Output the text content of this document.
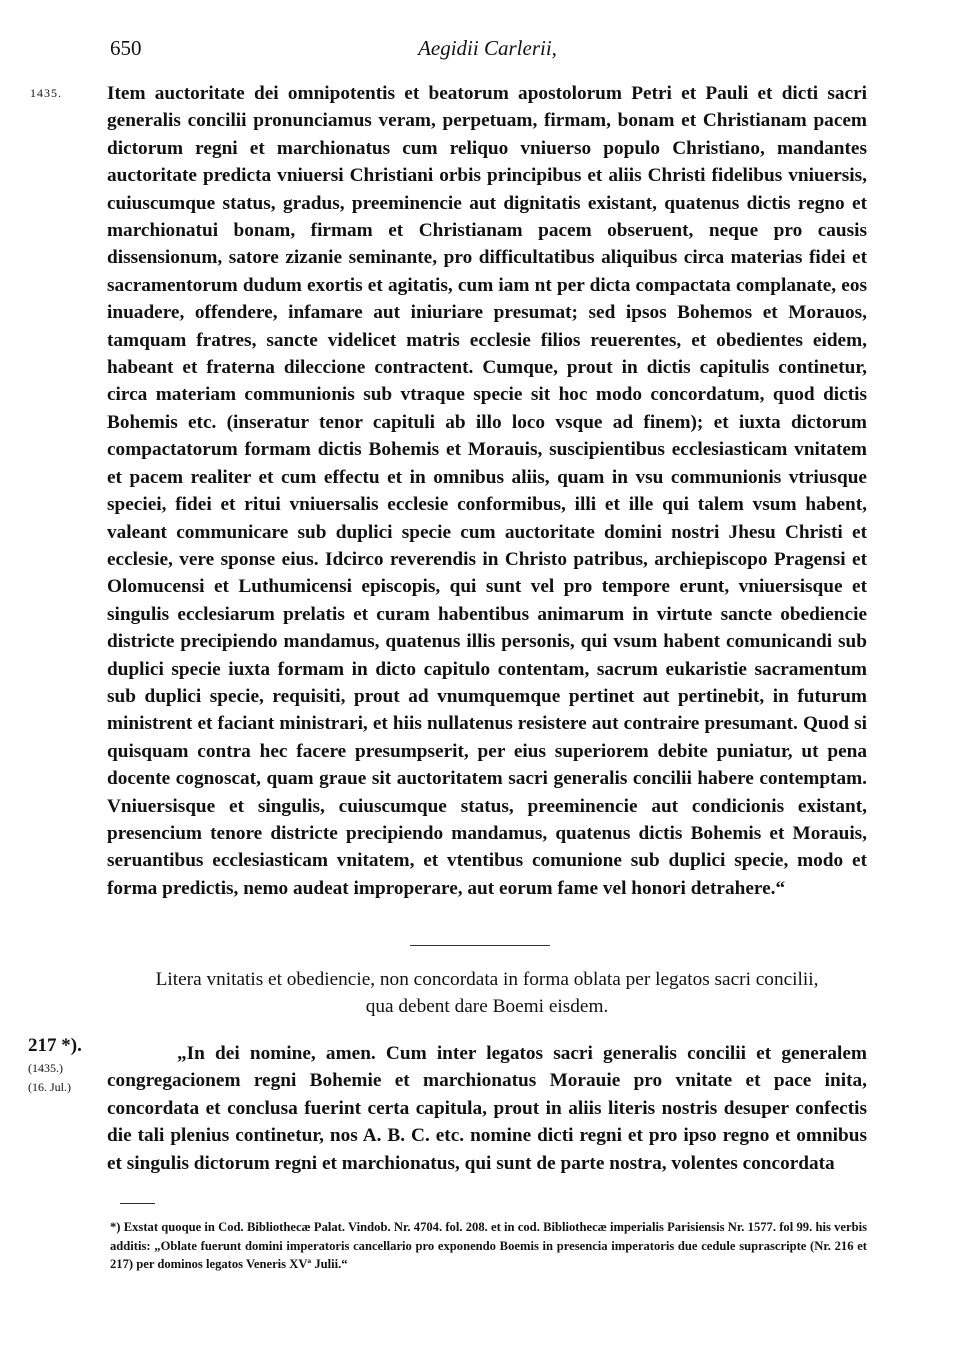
650	Aegidii Carlerii,
1435. Item auctoritate dei omnipotentis et beatorum apostolorum Petri et Pauli et dicti sacri generalis concilii pronunciamus veram, perpetuam, firmam, bonam et Christianam pacem dictorum regni et marchionatus cum reliquo vniuerso populo Christiano, mandantes auctoritate predicta vniuersi Christiani orbis principibus et aliis Christi fidelibus vniuersis, cuiuscumque status, gradus, preeminencie aut dignitatis existant, quatenus dictis regno et marchionatui bonam, firmam et Christianam pacem obseruent, neque pro causis dissensionum, satore zizanie seminante, pro difficultatibus aliquibus circa materias fidei et sacramentorum dudum exortis et agitatis, cum iam nt per dicta compactata complanate, eos inuadere, offendere, infamare aut iniuriare presumat; sed ipsos Bohemos et Morauos, tamquam fratres, sancte videlicet matris ecclesie filios reuerentes, et obedientes eidem, habeant et fraterna dileccione contractent. Cumque, prout in dictis capitulis continetur, circa materiam communionis sub vtraque specie sit hoc modo concordatum, quod dictis Bohemis etc. (inseratur tenor capituli ab illo loco vsque ad finem); et iuxta dictorum compactatorum formam dictis Bohemis et Morauis, suscipientibus ecclesiasticam vnitatem et pacem realiter et cum effectu et in omnibus aliis, quam in vsu communionis vtriusque speciei, fidei et ritui vniuersalis ecclesie conformibus, illi et ille qui talem vsum habent, valeant communicare sub duplici specie cum auctoritate domini nostri Jhesu Christi et ecclesie, vere sponse eius. Idcirco reverendis in Christo patribus, archiepiscopo Pragensi et Olomucensi et Luthumicensi episcopis, qui sunt vel pro tempore erunt, vniuersisque et singulis ecclesiarum prelatis et curam habentibus animarum in virtute sancte obediencie districte precipiendo mandamus, quatenus illis personis, qui vsum habent comunicandi sub duplici specie iuxta formam in dicto capitulo contentam, sacrum eukaristie sacramentum sub duplici specie, requisiti, prout ad vnumquemque pertinet aut pertinebit, in futurum ministrent et faciant ministrari, et hiis nullatenus resistere aut contraire presumant. Quod si quisquam contra hec facere presumpserit, per eius superiorem debite puniatur, ut pena docente cognoscat, quam graue sit auctoritatem sacri generalis concilii habere contemptam. Vniuersisque et singulis, cuiuscumque status, preeminencie aut condicionis existant, presencium tenore districte precipiendo mandamus, quatenus dictis Bohemis et Morauis, seruantibus ecclesiasticam vnitatem, et vtentibus comunione sub duplici specie, modo et forma predictis, nemo audeat improperare, aut eorum fame vel honori detrahere.“

Litera vnitatis et obediencie, non concordata in forma oblata per legatos sacri concilii,
qua debent dare Boemi eisdem.
217 *).
(1435.)
(16. Jul.)

„In dei nomine, amen. Cum inter legatos sacri generalis concilii et generalem congregacionem regni Bohemie et marchionatus Morauie pro vnitate et pace inita, concordata et conclusa fuerint certa capitula, prout in aliis literis nostris desuper confectis die tali plenius continetur, nos A. B. C. etc. nomine dicti regni et pro ipso regno et omnibus et singulis dictorum regni et marchionatus, qui sunt de parte nostra, volentes concordata

*) Exstat quoque in Cod. Bibliothecæ Palat. Vindob. Nr. 4704. fol. 208. et in cod. Bibliothecæ imperialis Parisiensis Nr. 1577. fol 99. his verbis additis: „Oblate fuerunt domini imperatoris cancellario pro exponendo Boemis in presencia imperatoris due cedule suprascripte (Nr. 216 et 217) per dominos legatos Veneris XVª Julii.“
